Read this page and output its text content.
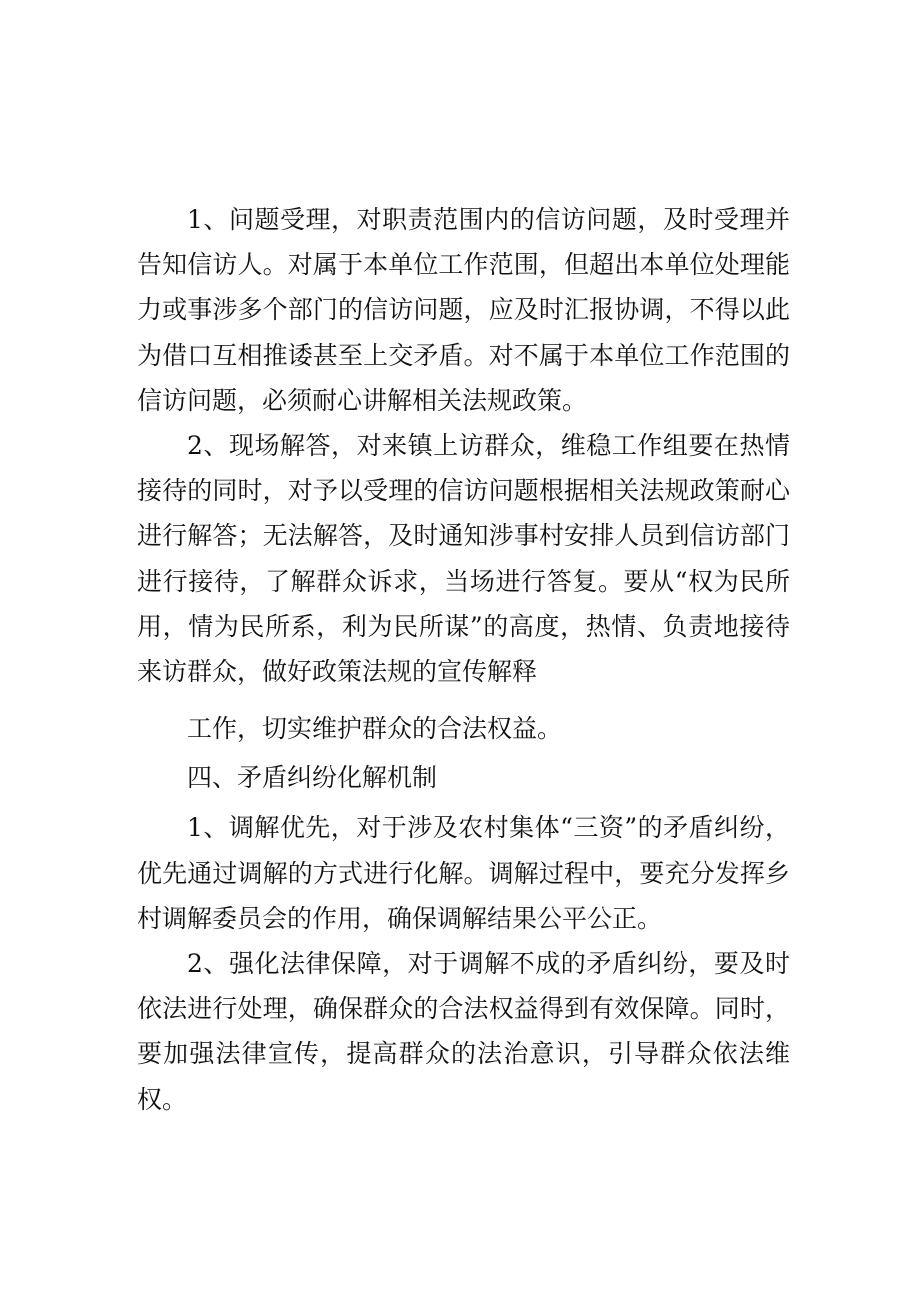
1、问题受理，对职责范围内的信访问题，及时受理并告知信访人。对属于本单位工作范围，但超出本单位处理能力或事涉多个部门的信访问题，应及时汇报协调，不得以此为借口互相推诿甚至上交矛盾。对不属于本单位工作范围的信访问题，必须耐心讲解相关法规政策。

2、现场解答，对来镇上访群众，维稳工作组要在热情接待的同时，对予以受理的信访问题根据相关法规政策耐心进行解答；无法解答，及时通知涉事村安排人员到信访部门进行接待，了解群众诉求，当场进行答复。要从“权为民所用，情为民所系，利为民所谋”的高度，热情、负责地接待来访群众，做好政策法规的宣传解释

工作，切实维护群众的合法权益。

四、矛盾纠纷化解机制

1、调解优先，对于涉及农村集体“三资”的矛盾纠纷，优先通过调解的方式进行化解。调解过程中，要充分发挥乡村调解委员会的作用，确保调解结果公平公正。

2、强化法律保障，对于调解不成的矛盾纠纷，要及时依法进行处理，确保群众的合法权益得到有效保障。同时，要加强法律宣传，提高群众的法治意识，引导群众依法维权。
